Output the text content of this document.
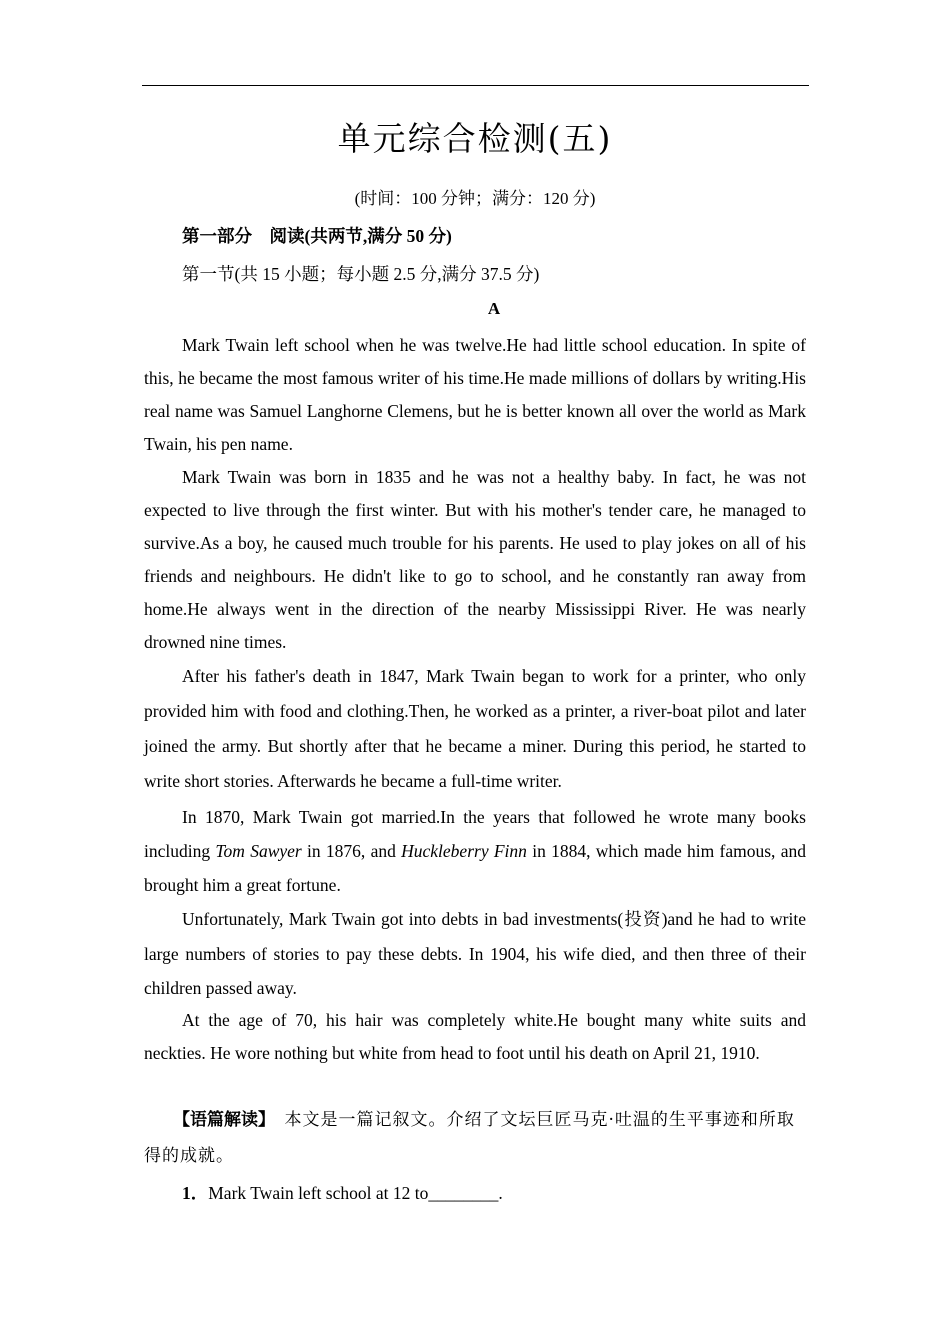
单元综合检测(五)
(时间：100 分钟；满分：120 分)
第一部分　阅读(共两节,满分 50 分)
第一节(共 15 小题；每小题 2.5 分,满分 37.5 分)
A

Mark Twain left school when he was twelve.He had little school education. In spite of this, he became the most famous writer of his time.He made millions of dollars by writing.His real name was Samuel Langhorne Clemens, but he is better known all over the world as Mark Twain, his pen name.

Mark Twain was born in 1835 and he was not a healthy baby. In fact, he was not expected to live through the first winter. But with his mother's tender care, he managed to survive.As a boy, he caused much trouble for his parents. He used to play jokes on all of his friends and neighbours. He didn't like to go to school, and he constantly ran away from home.He always went in the direction of the nearby Mississippi River. He was nearly drowned nine times.

After his father's death in 1847, Mark Twain began to work for a printer, who only provided him with food and clothing.Then, he worked as a printer, a river‑boat pilot and later joined the army. But shortly after that he became a miner. During this period, he started to write short stories. Afterwards he became a full‑time writer.

In 1870, Mark Twain got married.In the years that followed he wrote many books including Tom Sawyer in 1876, and Huckleberry Finn in 1884, which made him famous, and brought him a great fortune.

Unfortunately, Mark Twain got into debts in bad investments(投资)and he had to write large numbers of stories to pay these debts. In 1904, his wife died, and then three of their children passed away.

At the age of 70, his hair was completely white.He bought many white suits and neckties. He wore nothing but white from head to foot until his death on April 21, 1910.

【语篇解读】　本文是一篇记叙文。介绍了文坛巨匠马克·吐温的生平事迹和所取得的成就。

1．Mark Twain left school at 12 to________.
